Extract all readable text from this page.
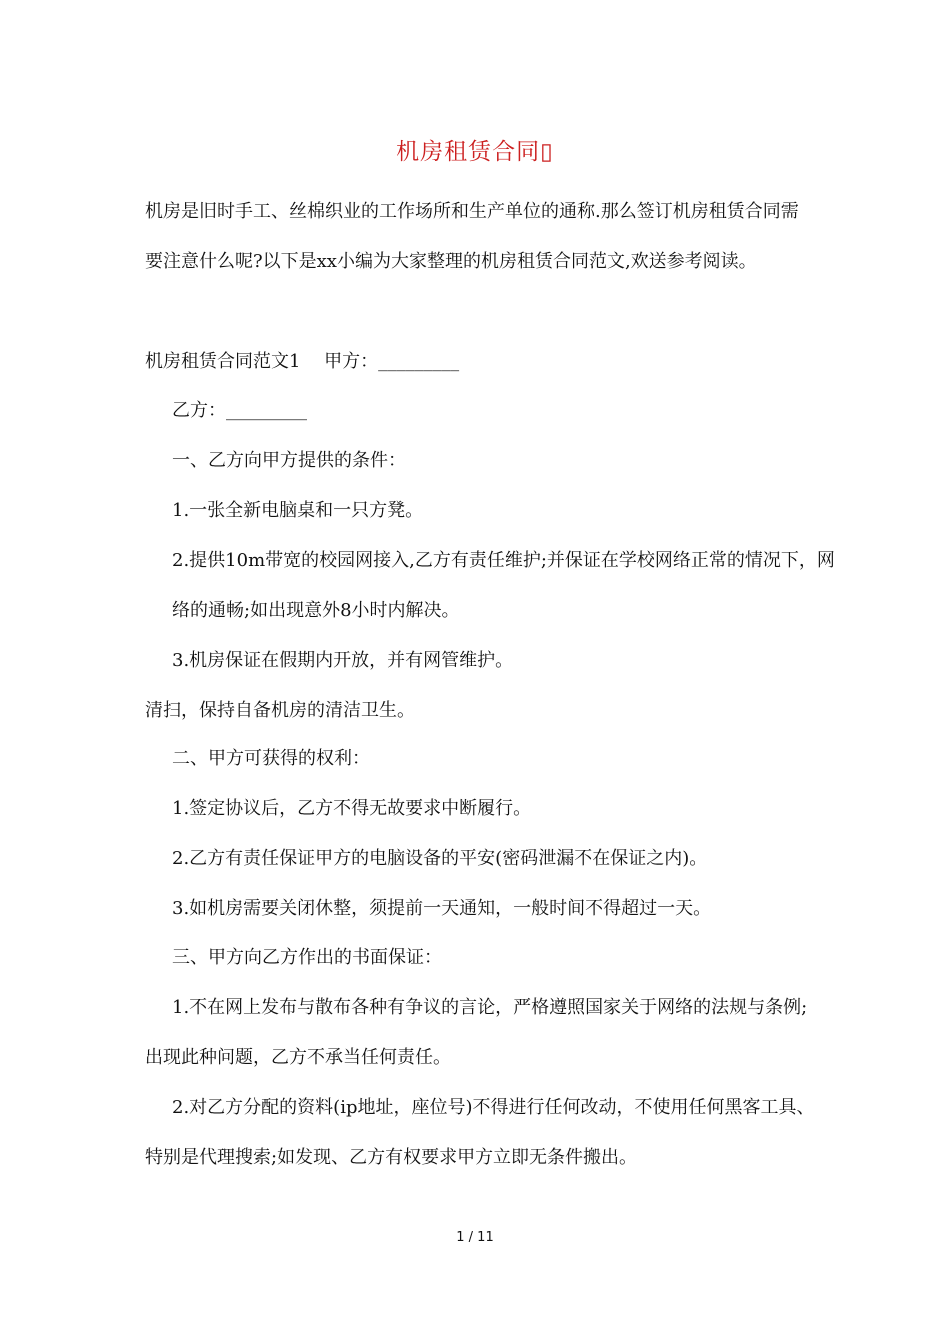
机房租赁合同▯

机房是旧时手工、丝棉织业的工作场所和生产单位的通称.那么签订机房租赁合同需要注意什么呢?以下是xx小编为大家整理的机房租赁合同范文,欢送参考阅读。

机房租赁合同范文1　 甲方：_________

乙方：_________

一、乙方向甲方提供的条件：

1.一张全新电脑桌和一只方凳。

2.提供10m带宽的校园网接入,乙方有责任维护;并保证在学校网络正常的情况下，网络的通畅;如出现意外8小时内解决。

3.机房保证在假期内开放，并有网管维护。

清扫，保持自备机房的清洁卫生。

二、甲方可获得的权利：

1.签定协议后，乙方不得无故要求中断履行。

2.乙方有责任保证甲方的电脑设备的平安(密码泄漏不在保证之内)。

3.如机房需要关闭休整，须提前一天通知，一般时间不得超过一天。

三、甲方向乙方作出的书面保证：

1.不在网上发布与散布各种有争议的言论，严格遵照国家关于网络的法规与条例;出现此种问题，乙方不承当任何责任。

2.对乙方分配的资料(ip地址，座位号)不得进行任何改动，不使用任何黑客工具、特别是代理搜索;如发现、乙方有权要求甲方立即无条件搬出。

1 / 11
